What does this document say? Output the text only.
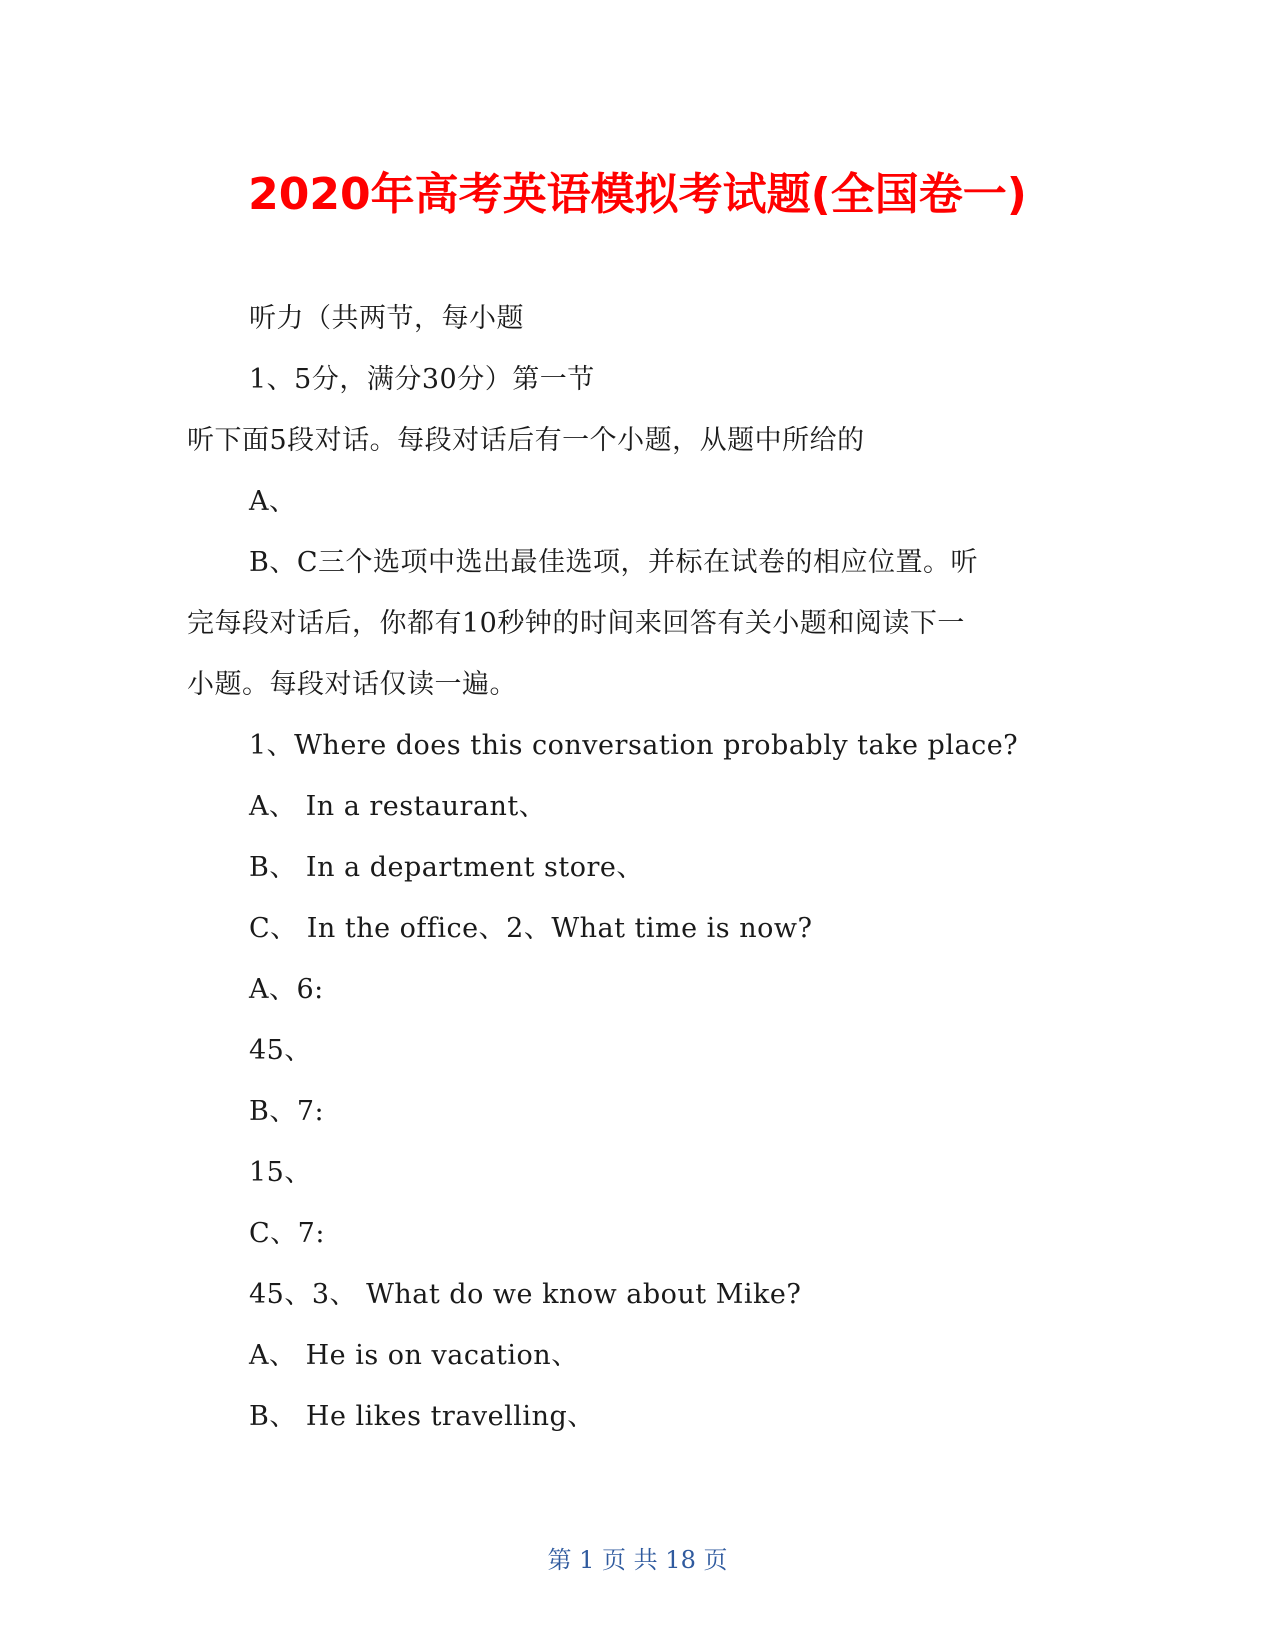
2020年高考英语模拟考试题(全国卷一)
听力（共两节，每小题
1、5分，满分30分）第一节
听下面5段对话。每段对话后有一个小题，从题中所给的
A、
B、C三个选项中选出最佳选项，并标在试卷的相应位置。听
完每段对话后，你都有10秒钟的时间来回答有关小题和阅读下一
小题。每段对话仅读一遍。
1、Where does this conversation probably take place?
A、 In a restaurant、
B、 In a department store、
C、 In the office、2、What time is now?
A、6:
45、
B、7:
15、
C、7:
45、3、 What do we know about Mike?
A、 He is on vacation、
B、 He likes travelling、
第 1 页 共 18 页
